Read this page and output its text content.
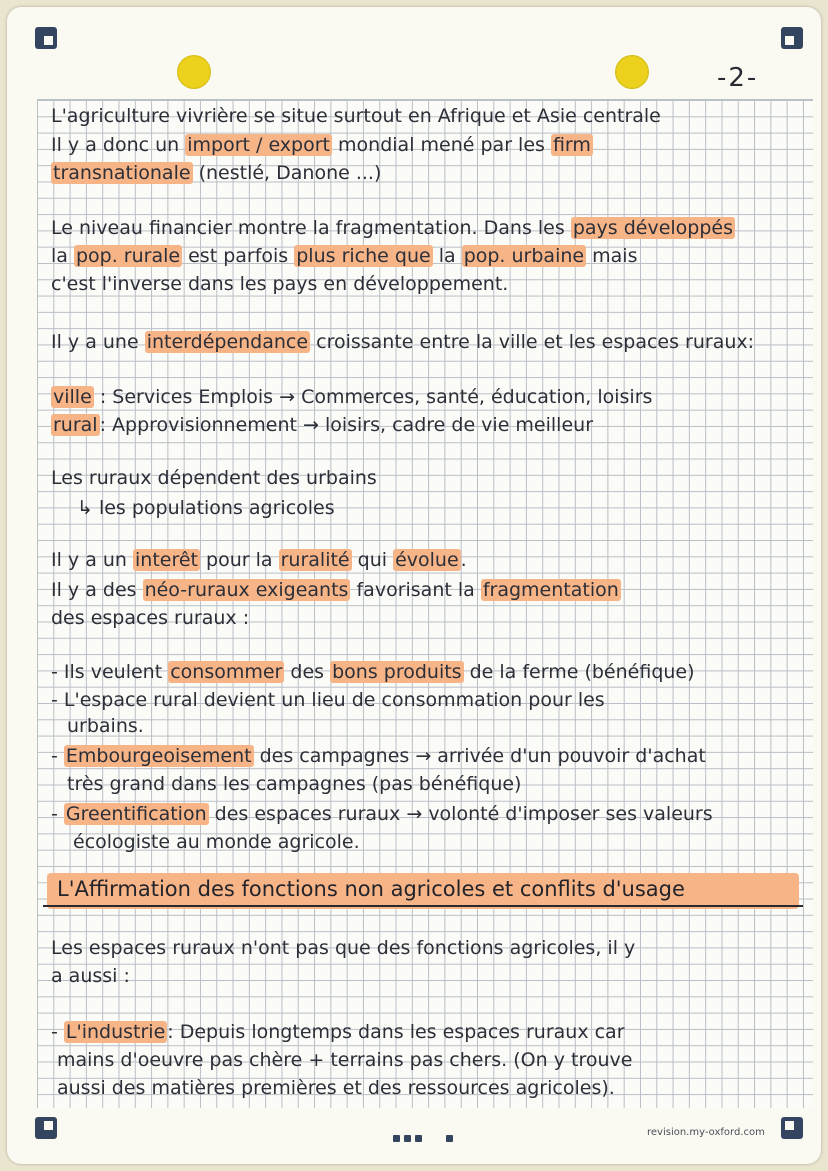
-2-
L'agriculture vivrière se situe surtout en Afrique et Asie centrale
Il y a donc un import / export mondial mené par les firm
transnationale (nestlé, Danone ...)
Le niveau financier montre la fragmentation. Dans les pays développés
la pop. rurale est parfois plus riche que la pop. urbaine mais
c'est l'inverse dans les pays en développement.
Il y a une interdépendance croissante entre la ville et les espaces ruraux:
ville : Services Emplois → Commerces, santé, éducation, loisirs
rural : Approvisionnement → loisirs, cadre de vie meilleur
Les ruraux dépendent des urbains
↳ les populations agricoles
Il y a un interêt pour la ruralité qui évolue .
Il y a des néo-ruraux exigeants favorisant la fragmentation
des espaces ruraux :
- Ils veulent consommer des bons produits de la ferme (bénéfique)
- L'espace rural devient un lieu de consommation pour les
urbains.
- Embourgeoisement des campagnes → arrivée d'un pouvoir d'achat
très grand dans les campagnes (pas bénéfique)
- Greentification des espaces ruraux → volonté d'imposer ses valeurs
écologiste au monde agricole.
Les espaces ruraux n'ont pas que des fonctions agricoles, il y
a aussi :
- L'industrie : Depuis longtemps dans les espaces ruraux car
mains d'oeuvre pas chère + terrains pas chers. (On y trouve
aussi des matières premières et des ressources agricoles).
L'Affirmation des fonctions non agricoles et conflits d'usage
revision.my-oxford.com
